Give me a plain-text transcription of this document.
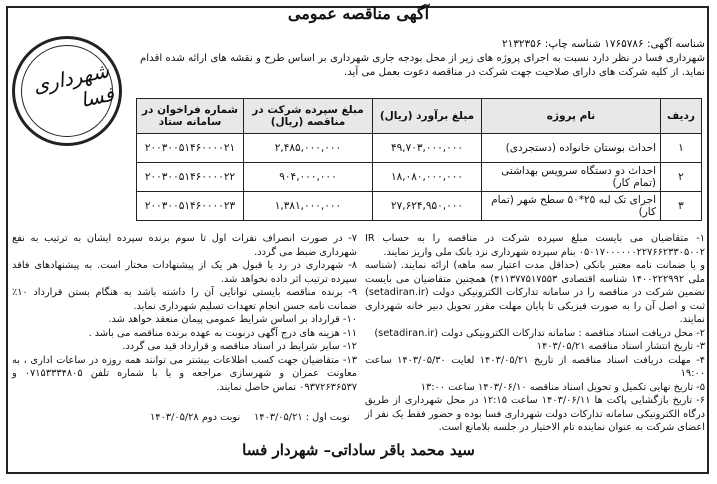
آگهی مناقصه عمومی
شناسه آگهی: ۱۷۶۵۷۸۶ شناسه چاپ: ۲۱۳۲۳۵۶
شهرداری فسا
شهرداری فسا در نظر دارد نسبت به اجرای پروژه های زیر از محل بودجه جاری شهرداری بر اساس طرح و نقشه های ارائه شده اقدام نماید. از کلیه شرکت های دارای صلاحیت جهت شرکت در مناقصه دعوت بعمل می آید.
ردیف	نام پروژه	مبلغ برآورد (ریال)	مبلغ سپرده شرکت در مناقصه (ریال)	شماره فراخوان در سامانه ستاد
۱	احداث بوستان خانواده (دستجردی)	۴۹,۷۰۳,۰۰۰,۰۰۰	۲,۴۸۵,۰۰۰,۰۰۰	۲۰۰۳۰۰۵۱۴۶۰۰۰۰۲۱
۲	احداث دو دستگاه سرویس بهداشتی (تمام کار)	۱۸,۰۸۰,۰۰۰,۰۰۰	۹۰۴,۰۰۰,۰۰۰	۲۰۰۳۰۰۵۱۴۶۰۰۰۰۲۲
۳	اجرای تک لبه ۲۵*۵۰ سطح شهر (تمام کار)	۲۷,۶۲۴,۹۵۰,۰۰۰	۱,۳۸۱,۰۰۰,۰۰۰	۲۰۰۳۰۰۵۱۴۶۰۰۰۰۲۳

۱- متقاضیان می بایست مبلغ سپرده شرکت در مناقصه را به حساب IR ۰۵۰۱۷۰۰۰۰۰۰۲۲۷۶۶۲۳۳۰۵۰۰۲ بنام سپرده شهرداری نزد بانک ملی واریز نمایند.

و یا ضمانت نامه معتبر بانکی (حداقل مدت اعتبار سه ماهه) ارائه نمایند. (شناسه ملی ۱۴۰۰۲۲۲۹۹۲ شناسه اقتصادی ۴۱۱۳۷۷۵۱۷۵۵۳) همچنین متقاضیان می بایست تضمین شرکت در مناقصه را در سامانه تدارکات الکترونیکی دولت (setadiran.ir) ثبت و اصل آن را به صورت فیزیکی تا پایان مهلت مقرر تحویل دبیر خانه شهرداری نمایند.

۲- محل دریافت اسناد مناقصه : سامانه تدارکات الکترونیکی دولت (setadiran.ir)

۳- تاریخ انتشار اسناد مناقصه ۱۴۰۳/۰۵/۲۱

۴- مهلت دریافت اسناد مناقصه از تاریخ ۱۴۰۳/۰۵/۲۱ لغایت ۱۴۰۳/۰۵/۳۰ ساعت ۱۹:۰۰

۵- تاریخ نهایی تکمیل و تحویل اسناد مناقصه ۱۴۰۳/۰۶/۱۰ ساعت ۱۳:۰۰

۶- تاریخ بازگشایی پاکت ها ۱۴۰۳/۰۶/۱۱ ساعت ۱۲:۱۵ در محل شهرداری از طریق درگاه الکترونیکی سامانه تدارکات دولت شهرداری فسا بوده و حضور فقط یک نفر از اعضای شرکت به عنوان نماینده تام الاختیار در جلسه بلامانع است.

۷- در صورت انصراف نفرات اول تا سوم برنده سپرده ایشان به ترتیب به نفع شهرداری ضبط می گردد.

۸- شهرداری در رد یا قبول هر یک از پیشنهادات مختار است. به پیشنهادهای فاقد سپرده ترتیب اثر داده نخواهد شد.

۹- برنده مناقصه بایستی توانایی آن را داشته باشد به هنگام بستن قرارداد ۱۰٪ ضمانت نامه حسن انجام تعهدات تسلیم شهرداری نماید.

۱۰- قرارداد بر اساس شرایط عمومی پیمان منعقد خواهد شد.

۱۱- هزینه های درج آگهی درنوبت به عهده برنده مناقصه می باشد .

۱۲- سایر شرایط در اسناد مناقصه و قرارداد قید می گردد.

۱۳- متقاضیان جهت کسب اطلاعات بیشتر می توانند همه روزه در ساعات اداری ، به معاونت عمران و شهرسازی مراجعه و یا با شماره تلفن ۰۷۱۵۳۳۳۴۸۰۵ و ۰۹۳۷۲۶۳۶۵۳۷ تماس حاصل نمایند.

نوبت اول : ۱۴۰۳/۰۵/۲۱
نوبت دوم ۱۴۰۳/۰۵/۲۸
سید محمد باقر ساداتی– شهردار فسا
